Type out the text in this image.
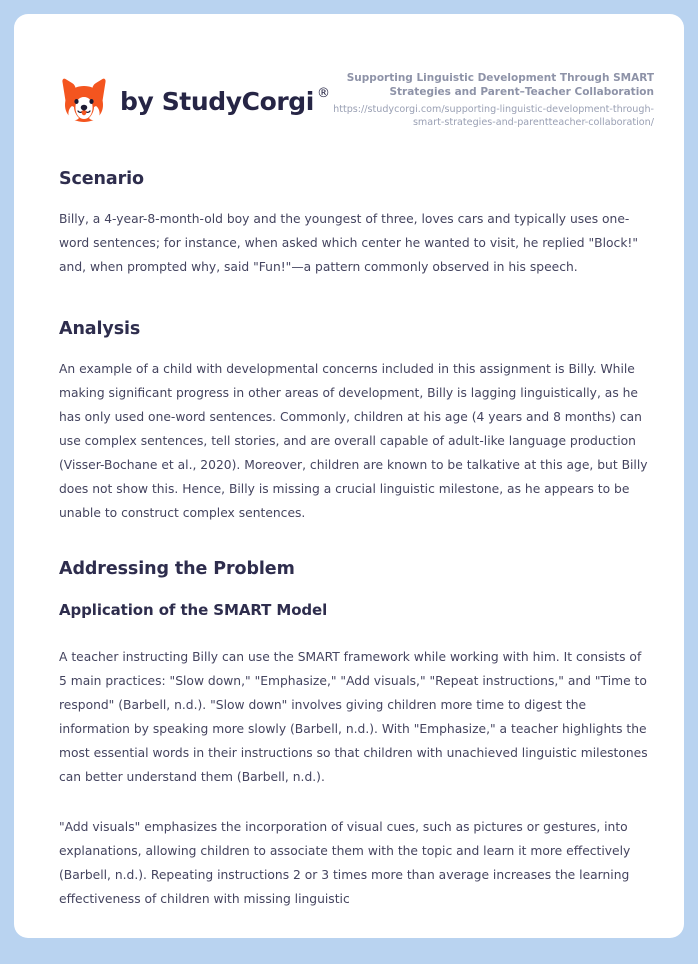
by StudyCorgi ®

Supporting Linguistic Development Through SMART Strategies and Parent–Teacher Collaboration

https://studycorgi.com/supporting-linguistic-development-through-smart-strategies-and-parentteacher-collaboration/

Scenario

Billy, a 4-year-8-month-old boy and the youngest of three, loves cars and typically uses one-word sentences; for instance, when asked which center he wanted to visit, he replied "Block!" and, when prompted why, said "Fun!"—a pattern commonly observed in his speech.

Analysis

An example of a child with developmental concerns included in this assignment is Billy. While making significant progress in other areas of development, Billy is lagging linguistically, as he has only used one-word sentences. Commonly, children at his age (4 years and 8 months) can use complex sentences, tell stories, and are overall capable of adult-like language production (Visser-Bochane et al., 2020). Moreover, children are known to be talkative at this age, but Billy does not show this. Hence, Billy is missing a crucial linguistic milestone, as he appears to be unable to construct complex sentences.

Addressing the Problem
Application of the SMART Model

A teacher instructing Billy can use the SMART framework while working with him. It consists of 5 main practices: "Slow down," "Emphasize," "Add visuals," "Repeat instructions," and "Time to respond" (Barbell, n.d.). "Slow down" involves giving children more time to digest the information by speaking more slowly (Barbell, n.d.). With "Emphasize," a teacher highlights the most essential words in their instructions so that children with unachieved linguistic milestones can better understand them (Barbell, n.d.).

"Add visuals" emphasizes the incorporation of visual cues, such as pictures or gestures, into explanations, allowing children to associate them with the topic and learn it more effectively (Barbell, n.d.). Repeating instructions 2 or 3 times more than average increases the learning effectiveness of children with missing linguistic
